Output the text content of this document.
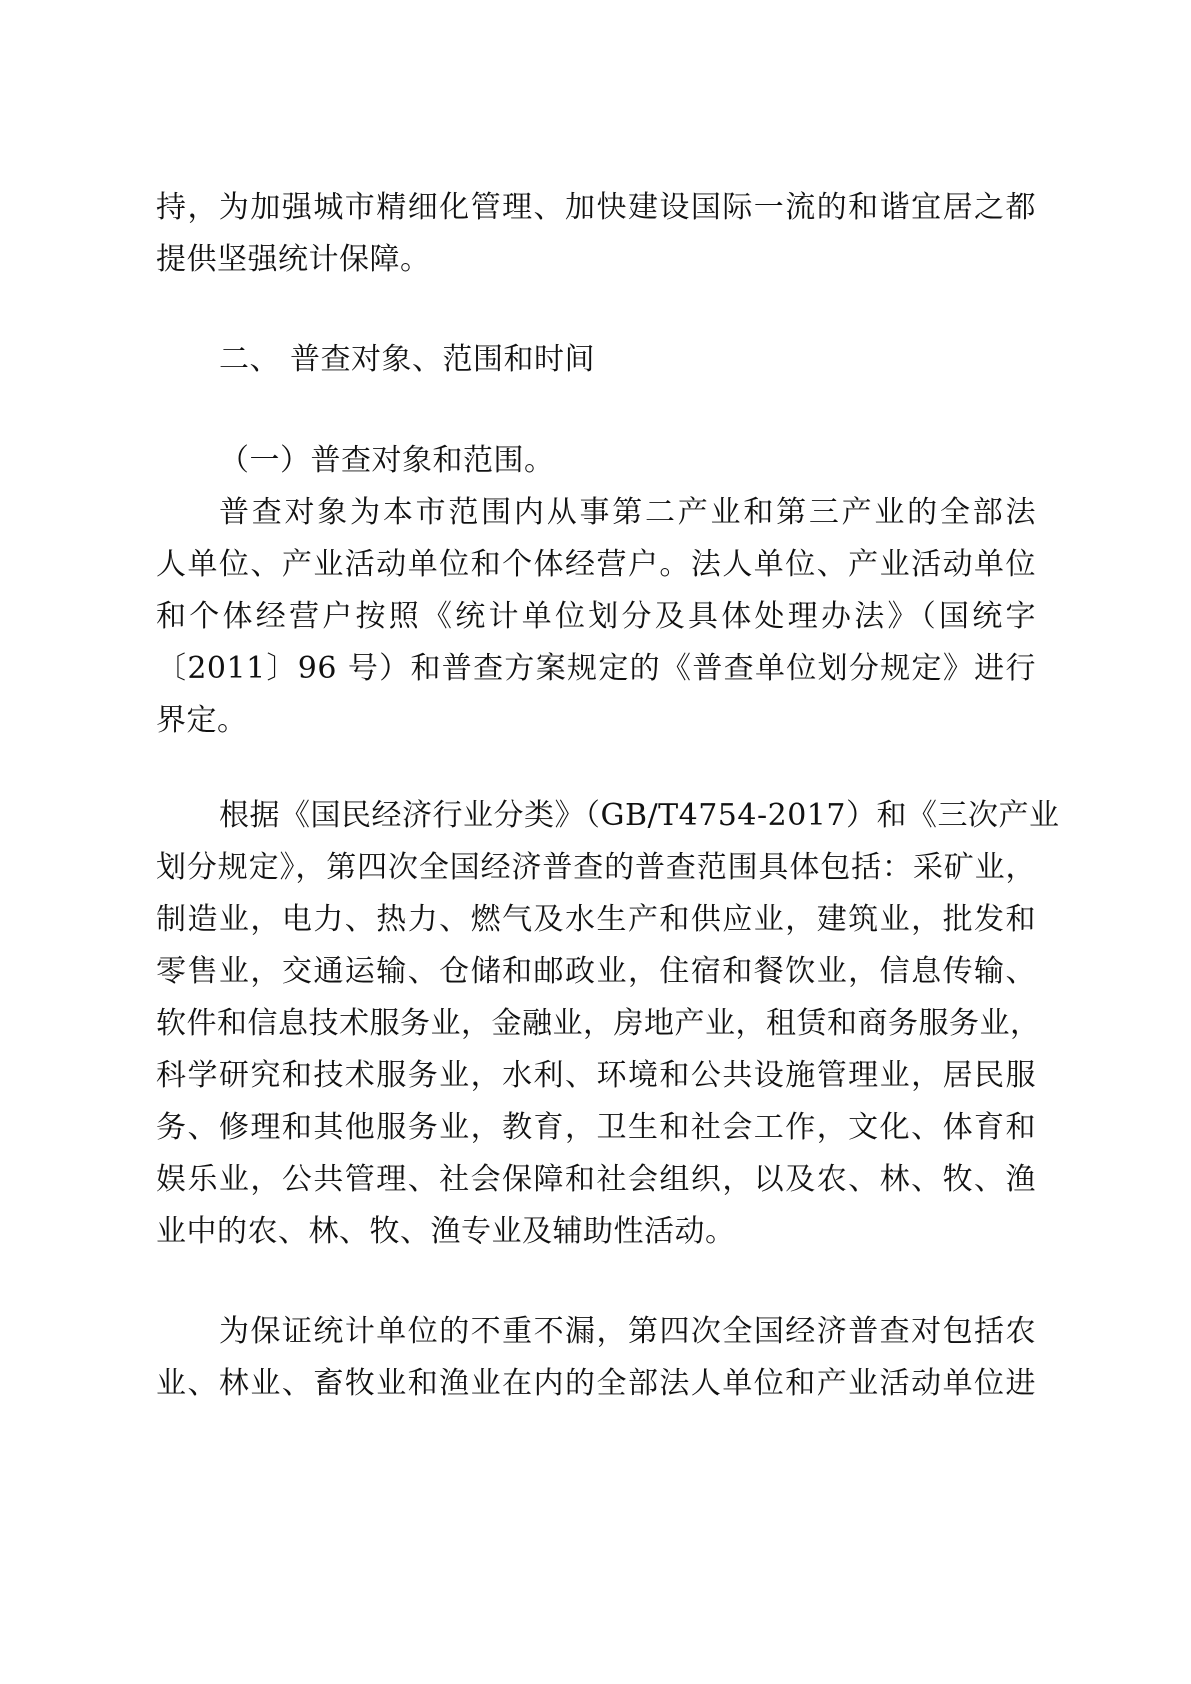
持，为加强城市精细化管理、加快建设国际一流的和谐宜居之都
提供坚强统计保障。
二、 普查对象、范围和时间
（一）普查对象和范围。
普查对象为本市范围内从事第二产业和第三产业的全部法
人单位、产业活动单位和个体经营户。法人单位、产业活动单位
和个体经营户按照《统计单位划分及具体处理办法》（国统字
〔2011〕96 号）和普查方案规定的《普查单位划分规定》进行
界定。
根据《国民经济行业分类》（GB/T4754-2017）和《三次产业
划分规定》，第四次全国经济普查的普查范围具体包括：采矿业，
制造业，电力、热力、燃气及水生产和供应业，建筑业，批发和
零售业，交通运输、仓储和邮政业，住宿和餐饮业，信息传输、
软件和信息技术服务业，金融业，房地产业，租赁和商务服务业，
科学研究和技术服务业，水利、环境和公共设施管理业，居民服
务、修理和其他服务业，教育，卫生和社会工作，文化、体育和
娱乐业，公共管理、社会保障和社会组织，以及农、林、牧、渔
业中的农、林、牧、渔专业及辅助性活动。
为保证统计单位的不重不漏，第四次全国经济普查对包括农
业、林业、畜牧业和渔业在内的全部法人单位和产业活动单位进
